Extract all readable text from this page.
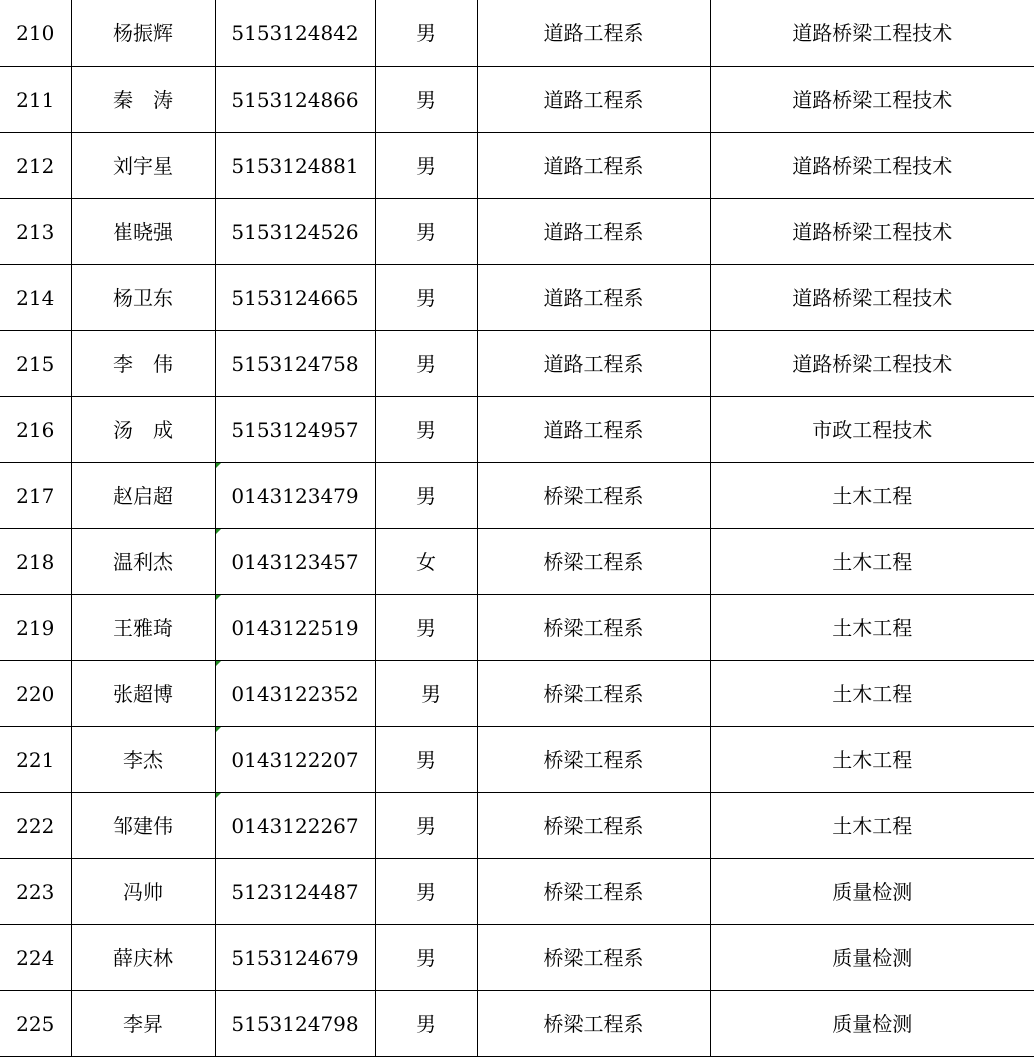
210	杨振辉	5153124842	男	道路工程系	道路桥梁工程技术
211	秦　涛	5153124866	男	道路工程系	道路桥梁工程技术
212	刘宇星	5153124881	男	道路工程系	道路桥梁工程技术
213	崔晓强	5153124526	男	道路工程系	道路桥梁工程技术
214	杨卫东	5153124665	男	道路工程系	道路桥梁工程技术
215	李　伟	5153124758	男	道路工程系	道路桥梁工程技术
216	汤　成	5153124957	男	道路工程系	市政工程技术
217	赵启超	0143123479	男	桥梁工程系	土木工程
218	温利杰	0143123457	女	桥梁工程系	土木工程
219	王雅琦	0143122519	男	桥梁工程系	土木工程
220	张超博	0143122352	男	桥梁工程系	土木工程
221	李杰	0143122207	男	桥梁工程系	土木工程
222	邹建伟	0143122267	男	桥梁工程系	土木工程
223	冯帅	5123124487	男	桥梁工程系	质量检测
224	薛庆林	5153124679	男	桥梁工程系	质量检测
225	李昇	5153124798	男	桥梁工程系	质量检测
